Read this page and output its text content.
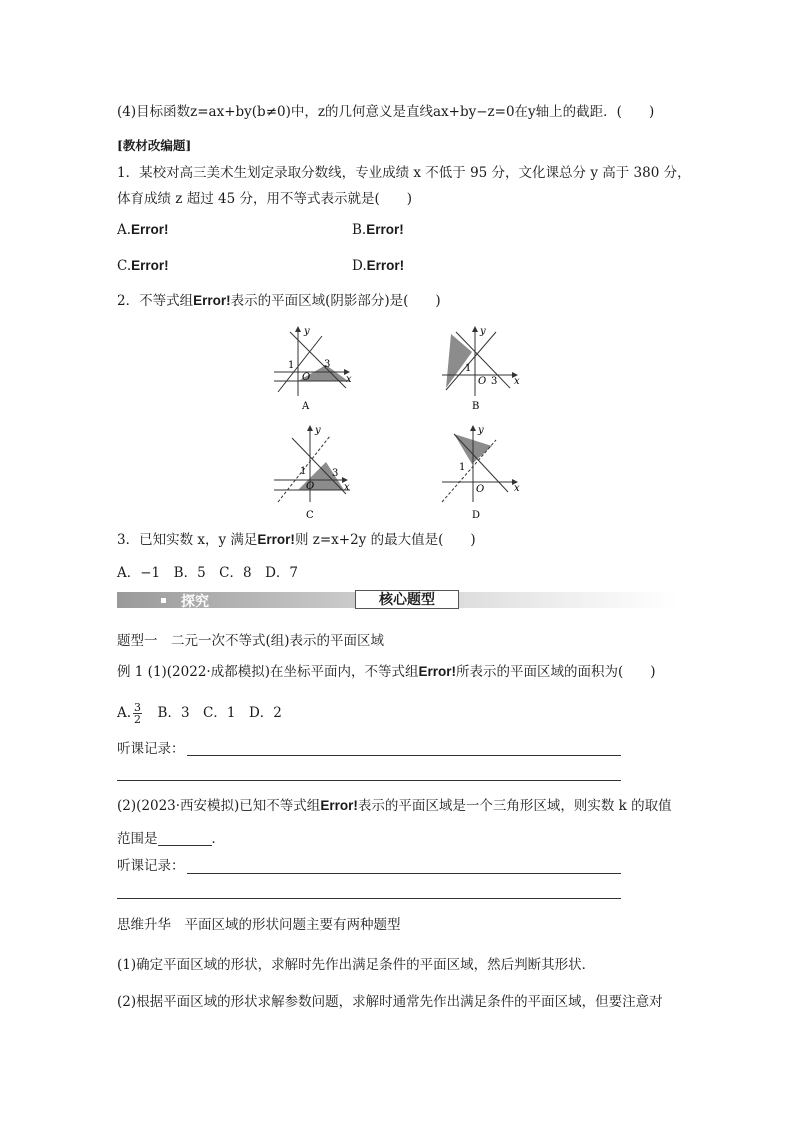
(4)目标函数z=ax+by(b≠0)中，z的几何意义是直线ax+by−z=0在y轴上的截距．(　　)
[教材改编题]
1．某校对高三美术生划定录取分数线，专业成绩 x 不低于 95 分，文化课总分 y 高于 380 分，
体育成绩 z 超过 45 分，用不等式表示就是(　　)
A.Error!	B.Error!
C.Error!	D.Error!
2．不等式组Error!表示的平面区域(阴影部分)是(　　)
y
x
1	3
O
A
y
x
1
3
O
B
y
x
1	3
O
C
y
x
1
O
D
3．已知实数 x，y 满足Error!则 z=x+2y 的最大值是(　　)
A．−1　B．5　C．8　D．7
探究	核心题型
题型一　二元一次不等式(组)表示的平面区域
例 1 (1)(2022·成都模拟)在坐标平面内，不等式组Error!所表示的平面区域的面积为(　　)
A. $\frac{3}{2}$ 　B．3　C．1　D．2
听课记录：
(2)(2023·西安模拟)已知不等式组Error!表示的平面区域是一个三角形区域，则实数 k 的取值
范围是	．
听课记录：
思维升华　平面区域的形状问题主要有两种题型
(1)确定平面区域的形状，求解时先作出满足条件的平面区域，然后判断其形状．
(2)根据平面区域的形状求解参数问题，求解时通常先作出满足条件的平面区域，但要注意对
